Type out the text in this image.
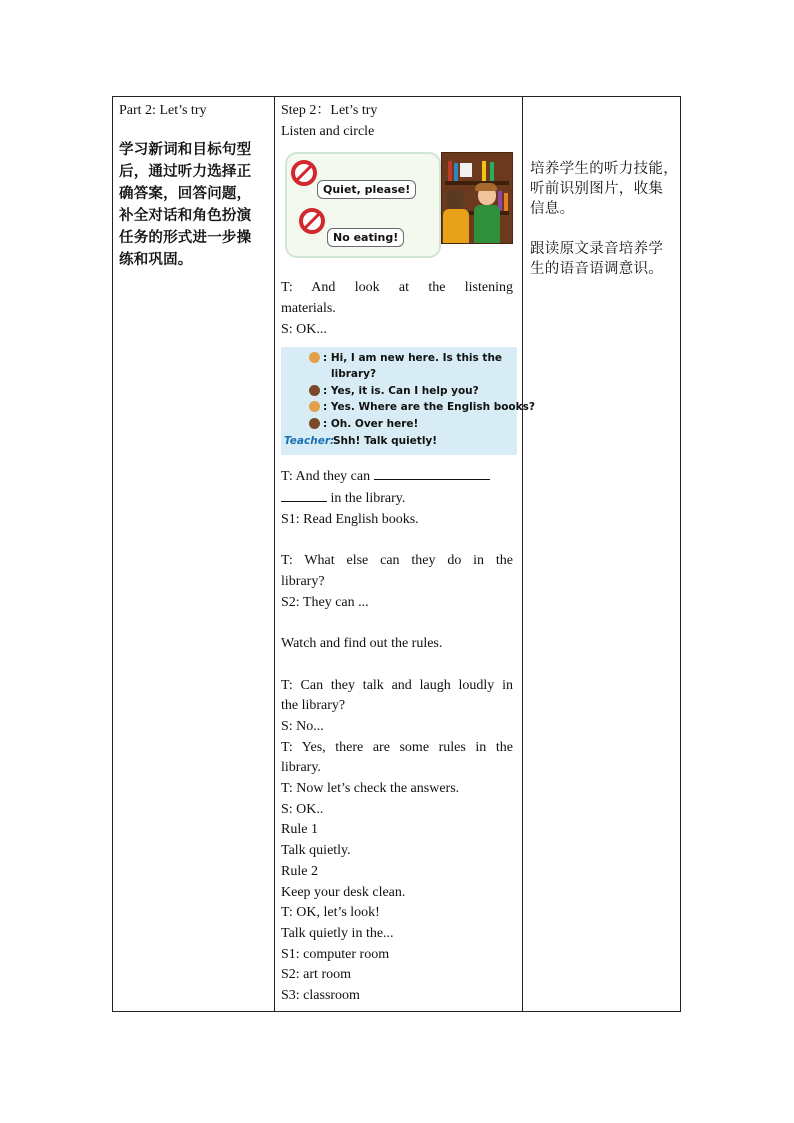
Part 2: Let’s try
学习新词和目标句型
后，通过听力选择正
确答案，回答问题，
补全对话和角色扮演
任务的形式进一步操
练和巩固。
Step 2：Let’s try
Listen and circle
Quiet, please!
No eating!
T: And look at the listening
materials.
S: OK...
: Hi, I am new here. Is this the
library?
: Yes, it is. Can I help you?
: Yes. Where are the English books?
: Oh. Over here!
Teacher:
Shh! Talk quietly!
T: And they can
in the library.
S1: Read English books.
T: What else can they do in the
library?
S2: They can ...
Watch and find out the rules.
T: Can they talk and laugh loudly in
the library?
S: No...
T: Yes, there are some rules in the
library.
T: Now let’s check the answers.
S: OK..
Rule 1
Talk quietly.
Rule 2
Keep your desk clean.
T: OK, let’s look!
Talk quietly in the...
S1: computer room
S2: art room
S3: classroom
培养学生的听力技能，
听前识别图片，收集
信息。
跟读原文录音培养学
生的语音语调意识。
